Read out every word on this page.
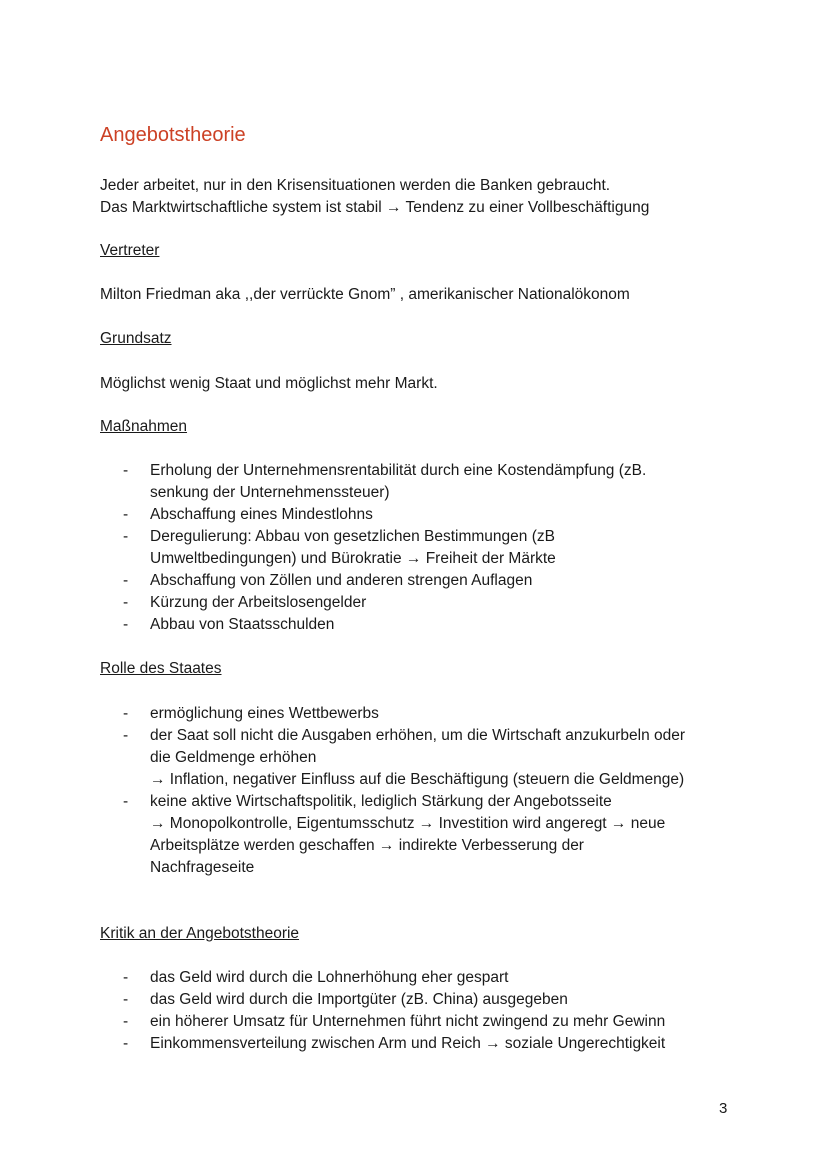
Angebotstheorie
Jeder arbeitet, nur in den Krisensituationen werden die Banken gebraucht.
Das Marktwirtschaftliche system ist stabil → Tendenz zu einer Vollbeschäftigung
Vertreter
Milton Friedman aka ,,der verrückte Gnom” , amerikanischer Nationalökonom
Grundsatz
Möglichst wenig Staat und möglichst mehr Markt.
Maßnahmen
- Erholung der Unternehmensrentabilität durch eine Kostendämpfung (zB.
senkung der Unternehmenssteuer)
- Abschaffung eines Mindestlohns
- Deregulierung: Abbau von gesetzlichen Bestimmungen (zB
Umweltbedingungen) und Bürokratie → Freiheit der Märkte
- Abschaffung von Zöllen und anderen strengen Auflagen
- Kürzung der Arbeitslosengelder
- Abbau von Staatsschulden
Rolle des Staates
- ermöglichung eines Wettbewerbs
- der Saat soll nicht die Ausgaben erhöhen, um die Wirtschaft anzukurbeln oder
die Geldmenge erhöhen
→ Inflation, negativer Einfluss auf die Beschäftigung (steuern die Geldmenge)
- keine aktive Wirtschaftspolitik, lediglich Stärkung der Angebotsseite
→ Monopolkontrolle, Eigentumsschutz → Investition wird angeregt → neue
Arbeitsplätze werden geschaffen → indirekte Verbesserung der
Nachfrageseite
Kritik an der Angebotstheorie
- das Geld wird durch die Lohnerhöhung eher gespart
- das Geld wird durch die Importgüter (zB. China) ausgegeben
- ein höherer Umsatz für Unternehmen führt nicht zwingend zu mehr Gewinn
- Einkommensverteilung zwischen Arm und Reich → soziale Ungerechtigkeit
3
